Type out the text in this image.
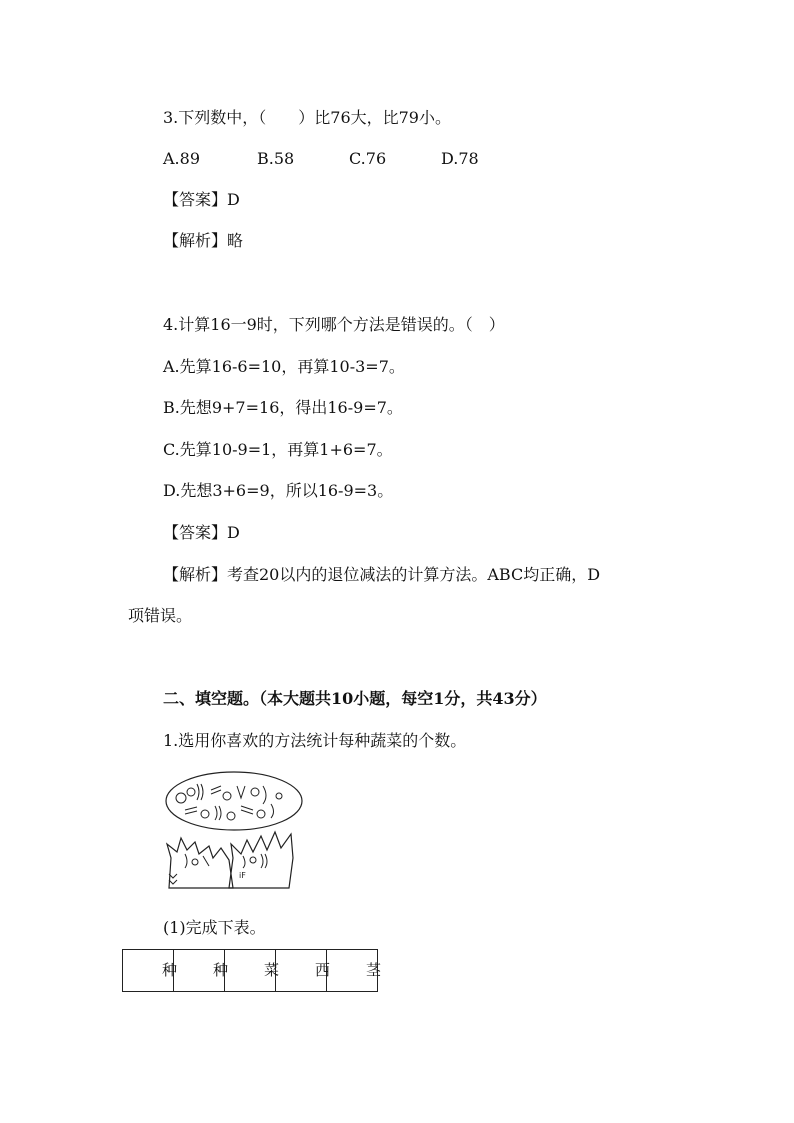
3.下列数中，（　　）比76大，比79小。
A.89	B.58	C.76	D.78
【答案】D
【解析】略
4.计算16一9时，下列哪个方法是错误的。（　）
A.先算16-6=10，再算10-3=7。
B.先想9+7=16，得出16-9=7。
C.先算10-9=1，再算1+6=7。
D.先想3+6=9，所以16-9=3。
【答案】D
【解析】考查20以内的退位减法的计算方法。ABC均正确，D
项错误。
二、填空题。（本大题共10小题，每空1分，共43分）
1.选用你喜欢的方法统计每种蔬菜的个数。
iF
(1)完成下表。
种	种	菜	西	茎
